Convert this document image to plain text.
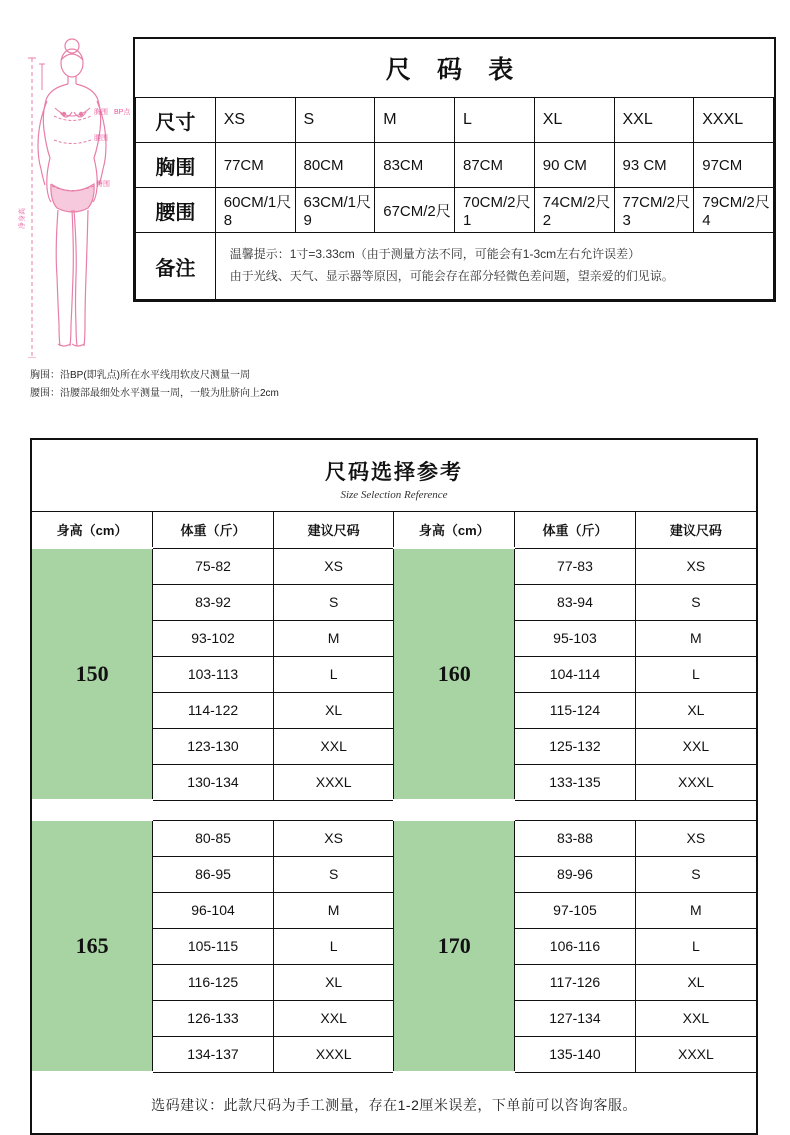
胸围 BP点
腰围
臀围
净身高
胸围：沿BP(即乳点)所在水平线用软皮尺测量一周
腰围：沿腰部最细处水平测量一周，一般为肚脐向上2cm
尺 码 表							
尺寸	XS	S	M	L	XL	XXL	XXXL
胸围	77CM	80CM	83CM	87CM	90 CM	93 CM	97CM
腰围	60CM/1尺8	63CM/1尺9	67CM/2尺	70CM/2尺1	74CM/2尺2	77CM/2尺3	79CM/2尺4
备注	温馨提示：1寸=3.33cm（由于测量方法不同，可能会有1-3cm左右允许误差）
由于光线、天气、显示器等原因，可能会存在部分轻微色差问题，望亲爱的们见谅。						
尺码选择参考
Size Selection Reference
身高（cm）	体重（斤）	建议尺码	身高（cm）	体重（斤）	建议尺码
150	75-82	XS	160	77-83	XS
	83-92	S		83-94	S
	93-102	M		95-103	M
	103-113	L		104-114	L
	114-122	XL		115-124	XL
	123-130	XXL		125-132	XXL
	130-134	XXXL		133-135	XXXL

165	80-85	XS	170	83-88	XS
	86-95	S		89-96	S
	96-104	M		97-105	M
	105-115	L		106-116	L
	116-125	XL		117-126	XL
	126-133	XXL		127-134	XXL
	134-137	XXXL		135-140	XXXL
选码建议：此款尺码为手工测量，存在1-2厘米误差，下单前可以咨询客服。
